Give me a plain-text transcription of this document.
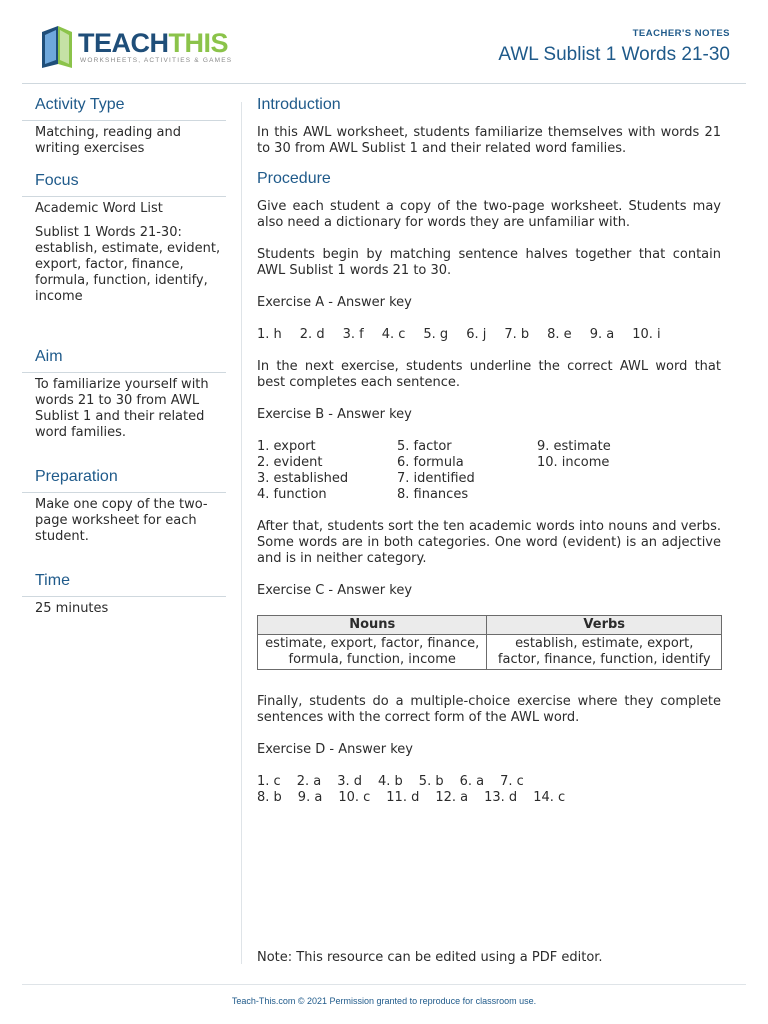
TEACHTHIS
WORKSHEETS, ACTIVITIES & GAMES
TEACHER'S NOTES
AWL Sublist 1 Words 21-30
Activity Type

Matching, reading and writing exercises

Focus

Academic Word List

Sublist 1 Words 21-30: establish, estimate, evident, export, factor, finance, formula, function, identify, income

Aim

To familiarize yourself with words 21 to 30 from AWL Sublist 1 and their related word families.

Preparation

Make one copy of the two-page worksheet for each student.

Time

25 minutes

Introduction

In this AWL worksheet, students familiarize themselves with words 21 to 30 from AWL Sublist 1 and their related word families.

Procedure

Give each student a copy of the two-page worksheet. Students may also need a dictionary for words they are unfamiliar with.

Students begin by matching sentence halves together that contain AWL Sublist 1 words 21 to 30.

Exercise A - Answer key

1. h 2. d 3. f 4. c 5. g 6. j 7. b 8. e 9. a 10. i

In the next exercise, students underline the correct AWL word that best completes each sentence.

Exercise B - Answer key

1. export	5. factor	9. estimate
2. evident	6. formula	10. income
3. established	7. identified
4. function	8. finances

After that, students sort the ten academic words into nouns and verbs. Some words are in both categories. One word (evident) is an adjective and is in neither category.

Exercise C - Answer key

Nouns	Verbs
estimate, export, factor, finance, formula, function, income	establish, estimate, export, factor, finance, function, identify

Finally, students do a multiple-choice exercise where they complete sentences with the correct form of the AWL word.

Exercise D - Answer key

1. c 2. a 3. d 4. b 5. b 6. a 7. c
8. b 9. a 10. c 11. d 12. a 13. d 14. c
Note: This resource can be edited using a PDF editor.
Teach-This.com © 2021 Permission granted to reproduce for classroom use.
